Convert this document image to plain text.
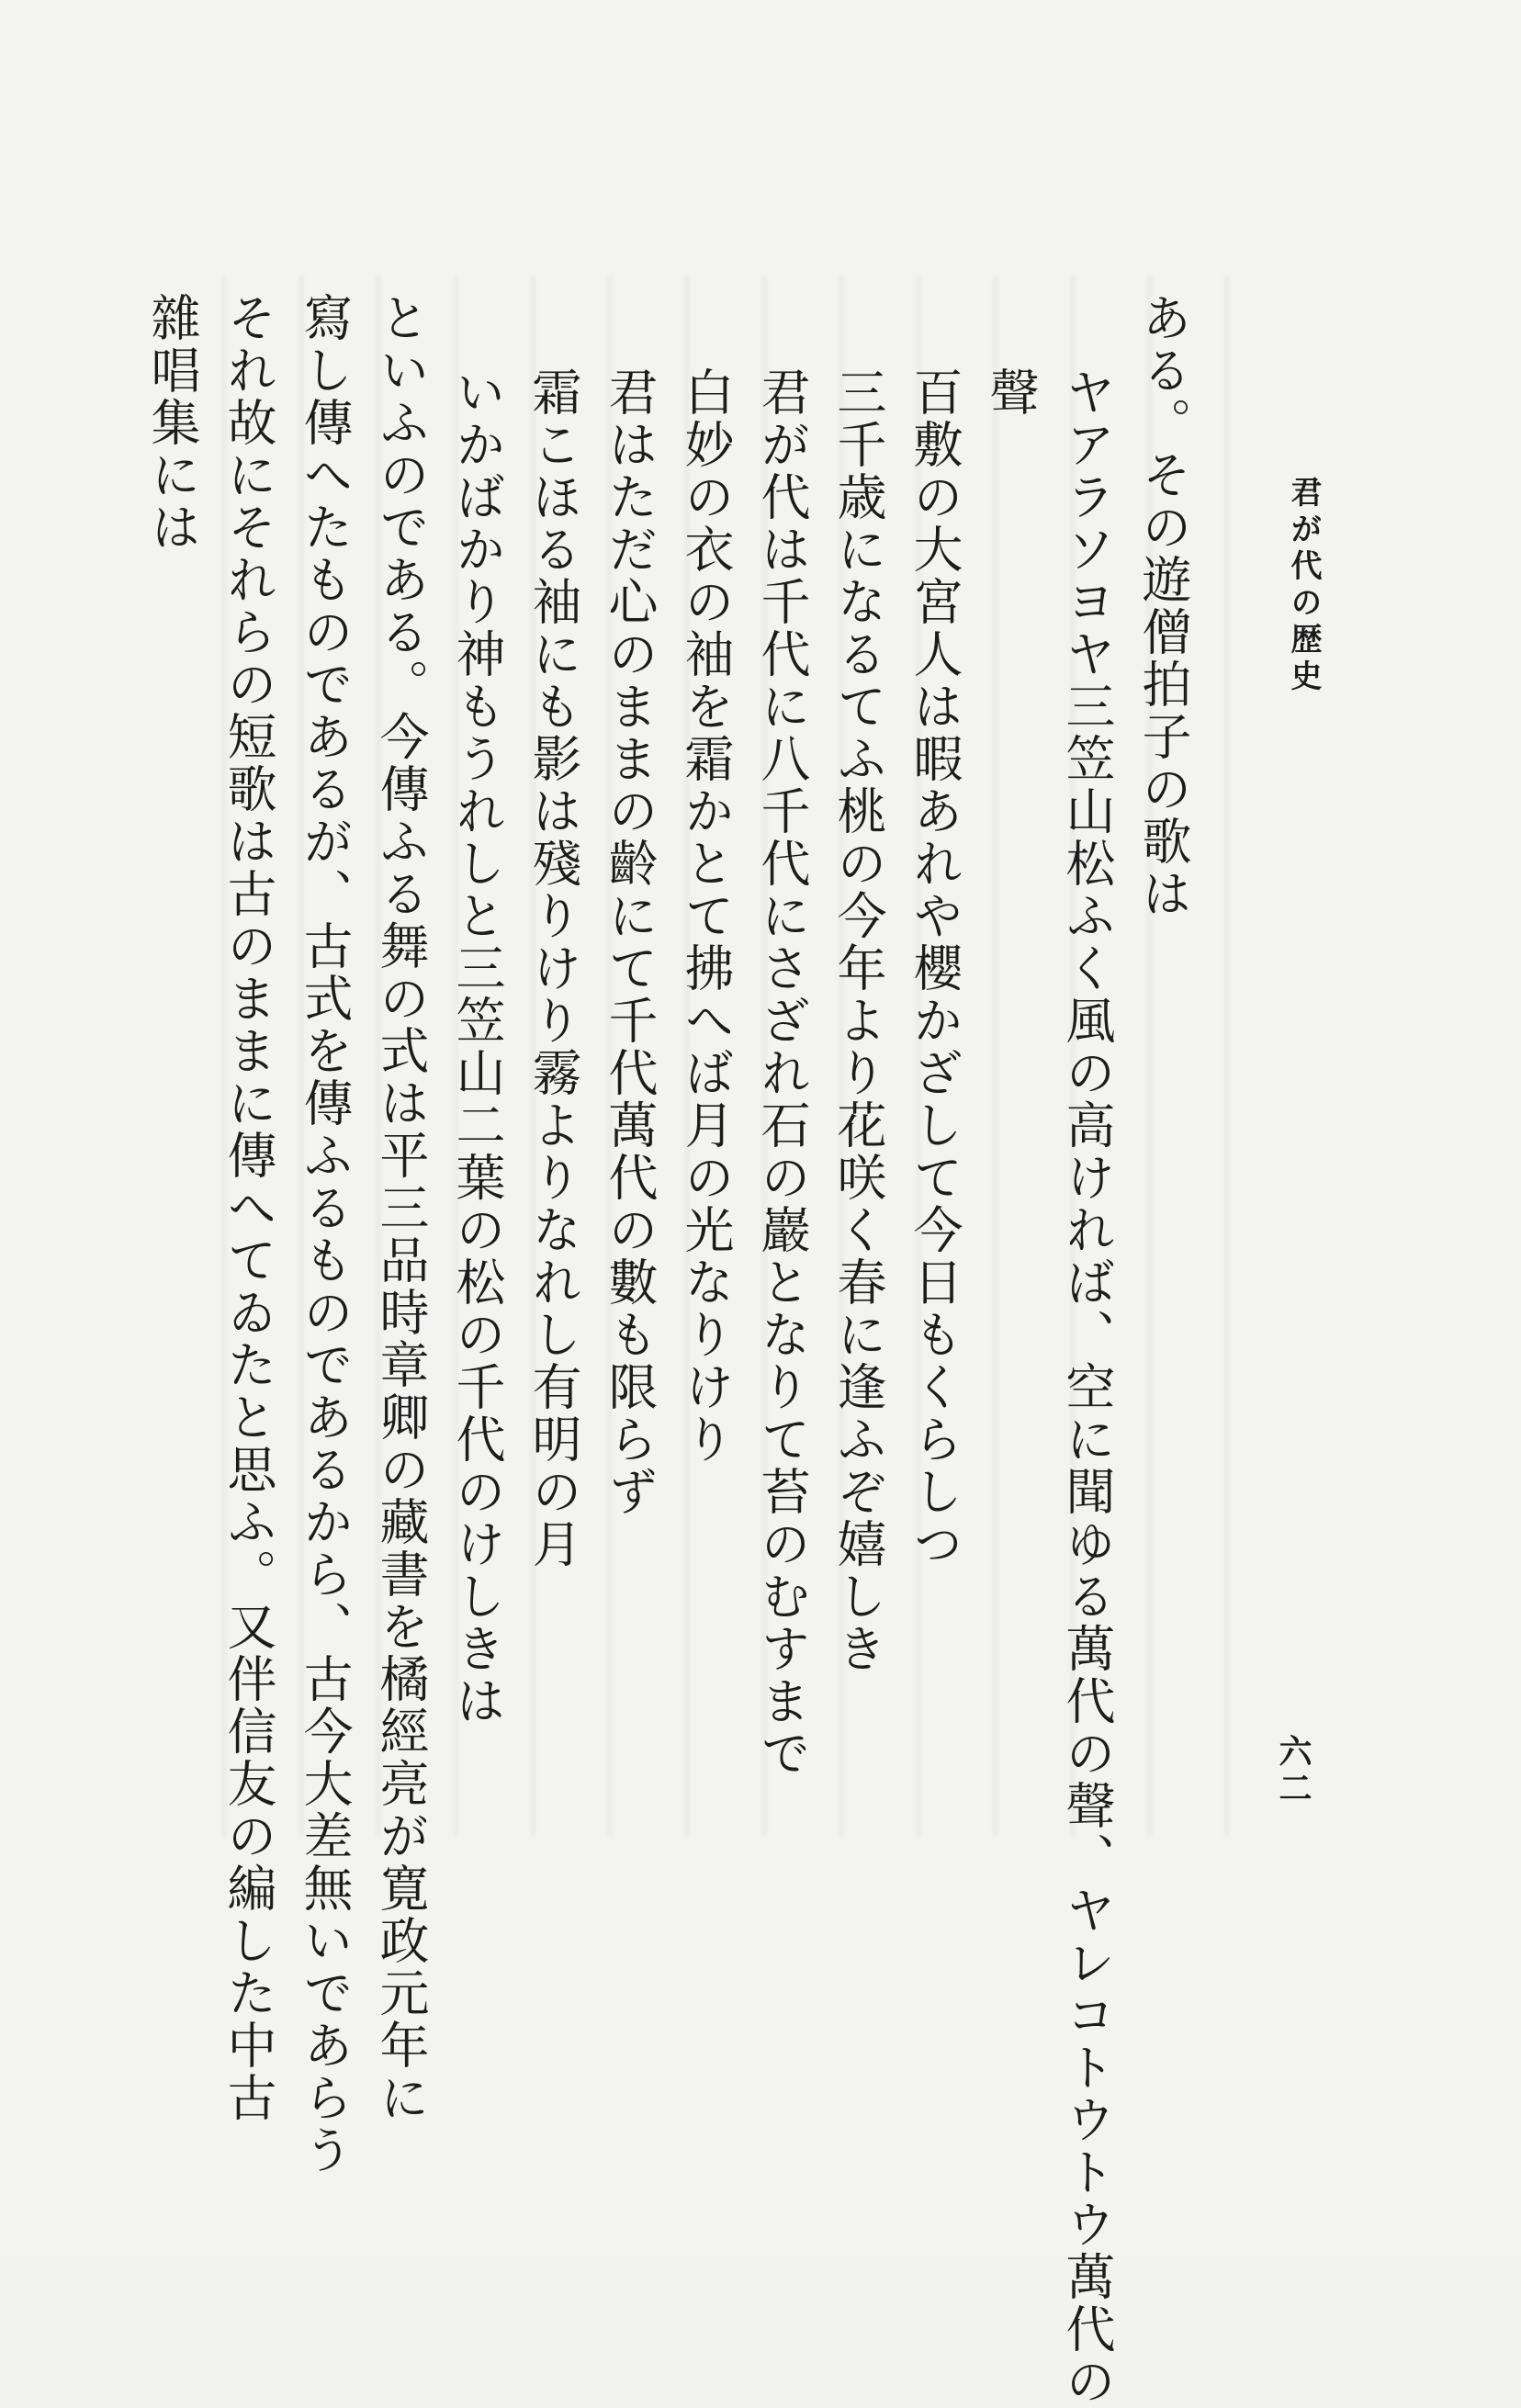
君が代の歴史
六二
ある。その遊僧拍子の歌は
ヤアラソヨヤ三笠山松ふく風の高ければ、空に聞ゆる萬代の聲、ヤレコトウトウ萬代の
聲
百敷の大宮人は暇あれや櫻かざして今日もくらしつ
三千歳になるてふ桃の今年より花咲く春に逢ふぞ嬉しき
君が代は千代に八千代にさざれ石の巖となりて苔のむすまで
白妙の衣の袖を霜かとて拂へば月の光なりけり
君はただ心のままの齡にて千代萬代の數も限らず
霜こほる袖にも影は殘りけり霧よりなれし有明の月
いかばかり神もうれしと三笠山二葉の松の千代のけしきは
といふのである。今傳ふる舞の式は平三品時章卿の藏書を橘經亮が寛政元年に
寫し傳へたものであるが、古式を傳ふるものであるから、古今大差無いであらう
それ故にそれらの短歌は古のままに傳へてゐたと思ふ。又伴信友の編した中古
雜唱集には
